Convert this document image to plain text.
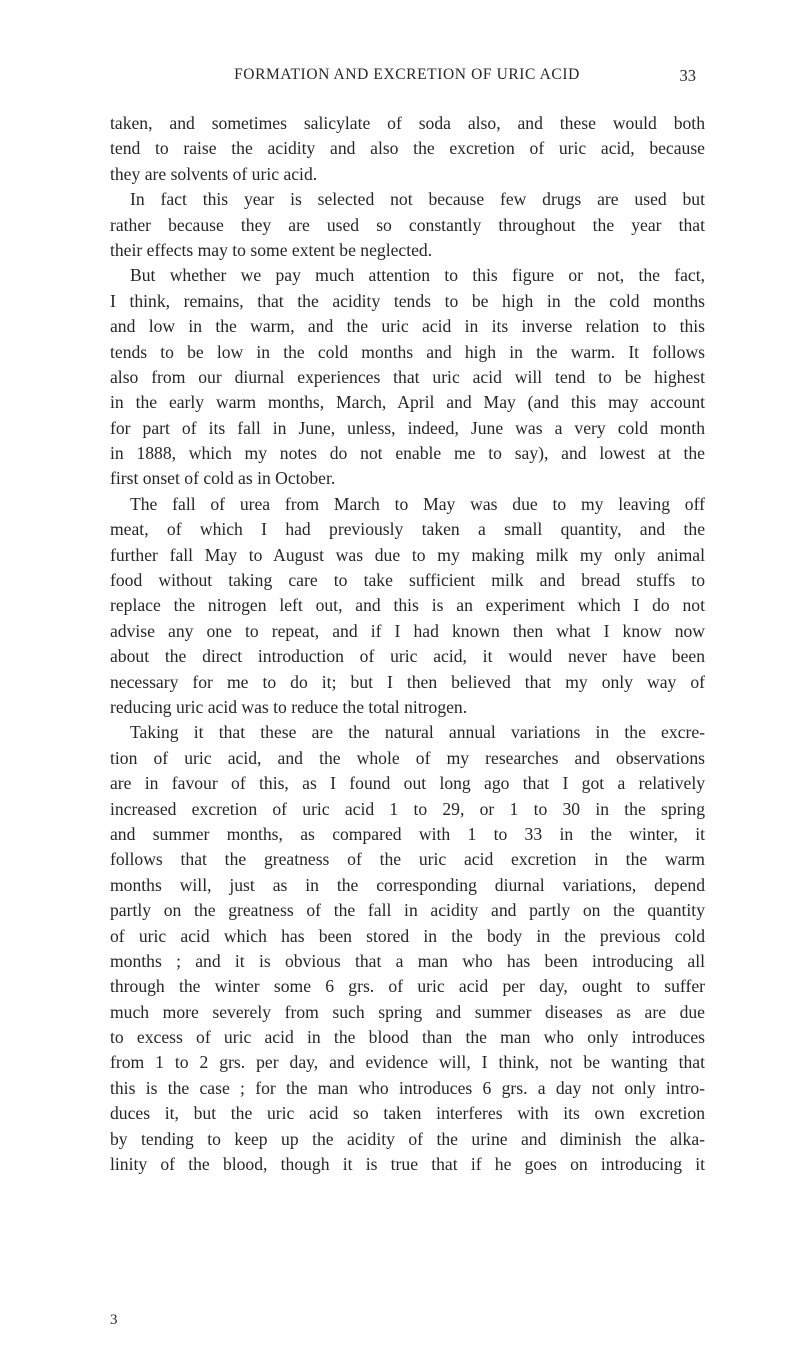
FORMATION AND EXCRETION OF URIC ACID	33
taken, and sometimes salicylate of soda also, and these would both
tend to raise the acidity and also the excretion of uric acid, because
they are solvents of uric acid.
In fact this year is selected not because few drugs are used but
rather because they are used so constantly throughout the year that
their effects may to some extent be neglected.
But whether we pay much attention to this figure or not, the fact,
I think, remains, that the acidity tends to be high in the cold months
and low in the warm, and the uric acid in its inverse relation to this
tends to be low in the cold months and high in the warm. It follows
also from our diurnal experiences that uric acid will tend to be highest
in the early warm months, March, April and May (and this may account
for part of its fall in June, unless, indeed, June was a very cold month
in 1888, which my notes do not enable me to say), and lowest at the
first onset of cold as in October.
The fall of urea from March to May was due to my leaving off
meat, of which I had previously taken a small quantity, and the
further fall May to August was due to my making milk my only animal
food without taking care to take sufficient milk and bread stuffs to
replace the nitrogen left out, and this is an experiment which I do not
advise any one to repeat, and if I had known then what I know now
about the direct introduction of uric acid, it would never have been
necessary for me to do it; but I then believed that my only way of
reducing uric acid was to reduce the total nitrogen.
Taking it that these are the natural annual variations in the excre-
tion of uric acid, and the whole of my researches and observations
are in favour of this, as I found out long ago that I got a relatively
increased excretion of uric acid 1 to 29, or 1 to 30 in the spring
and summer months, as compared with 1 to 33 in the winter, it
follows that the greatness of the uric acid excretion in the warm
months will, just as in the corresponding diurnal variations, depend
partly on the greatness of the fall in acidity and partly on the quantity
of uric acid which has been stored in the body in the previous cold
months ; and it is obvious that a man who has been introducing all
through the winter some 6 grs. of uric acid per day, ought to suffer
much more severely from such spring and summer diseases as are due
to excess of uric acid in the blood than the man who only introduces
from 1 to 2 grs. per day, and evidence will, I think, not be wanting that
this is the case ; for the man who introduces 6 grs. a day not only intro-
duces it, but the uric acid so taken interferes with its own excretion
by tending to keep up the acidity of the urine and diminish the alka-
linity of the blood, though it is true that if he goes on introducing it
3
